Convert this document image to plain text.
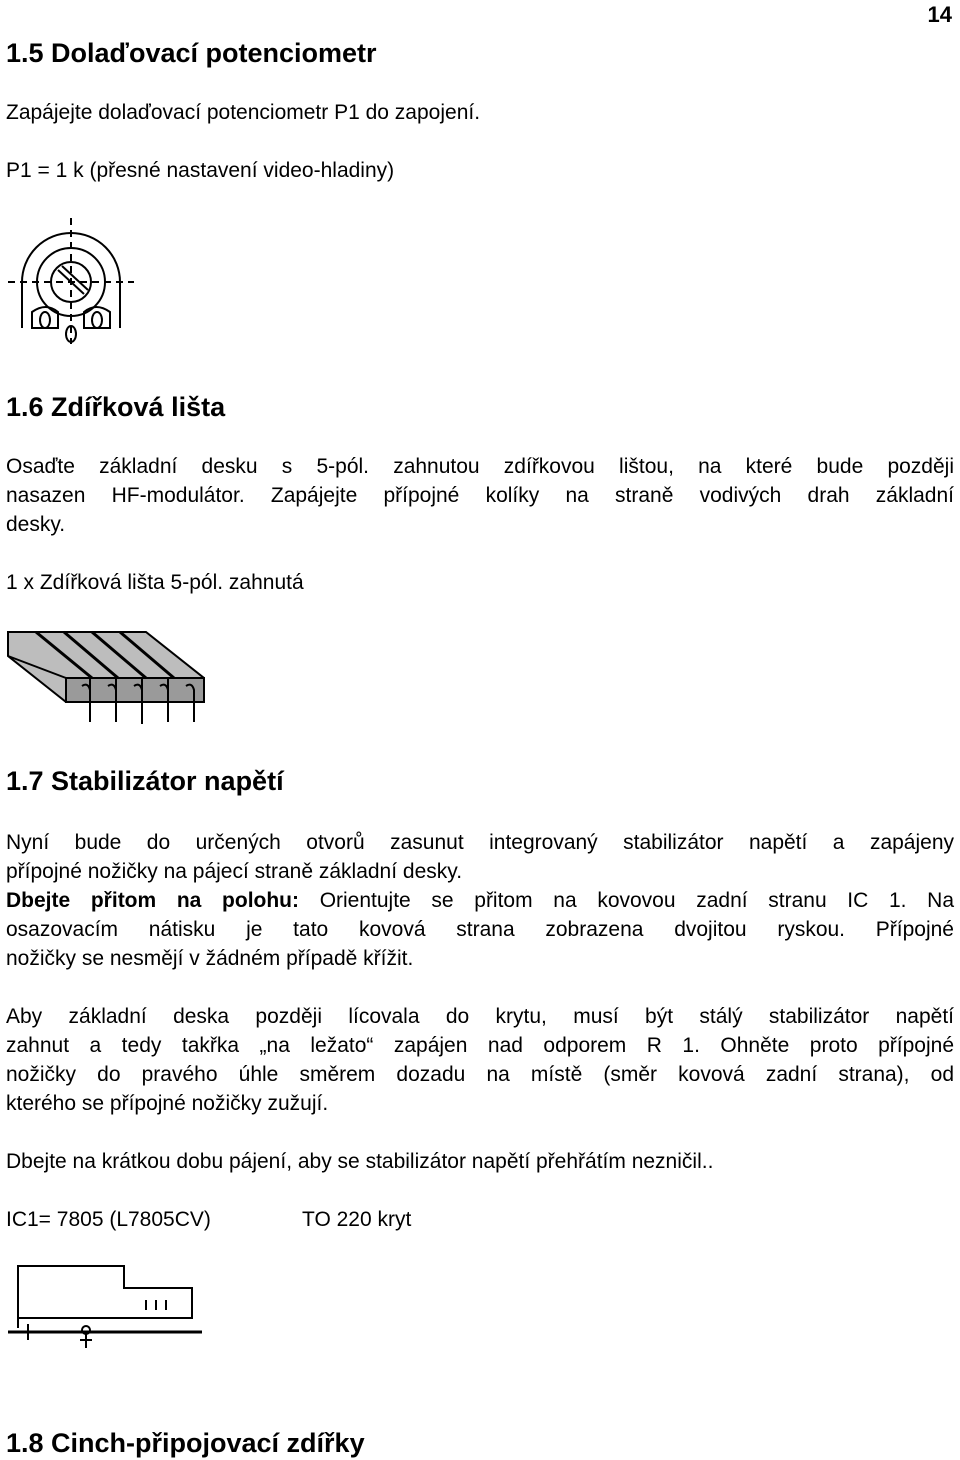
14
1.5 Dolaďovací potenciometr
Zapájejte dolaďovací potenciometr P1 do zapojení.
P1 = 1 k (přesné nastavení video-hladiny)
1.6 Zdířková lišta
Osaďte základní desku s 5-pól. zahnutou zdířkovou lištou, na které bude později
nasazen HF-modulátor. Zapájejte přípojné kolíky na straně vodivých drah základní
desky.
1 x Zdířková lišta 5-pól. zahnutá
1.7 Stabilizátor napětí
Nyní bude do určených otvorů zasunut integrovaný stabilizátor napětí a zapájeny
přípojné nožičky na pájecí straně základní desky.
Dbejte přitom na polohu: Orientujte se přitom na kovovou zadní stranu IC 1. Na
osazovacím nátisku je tato kovová strana zobrazena dvojitou ryskou. Přípojné
nožičky se nesmějí v žádném případě křížit.
Aby základní deska později lícovala do krytu, musí být stálý stabilizátor napětí
zahnut a tedy takřka „na ležato“ zapájen nad odporem R 1. Ohněte proto přípojné
nožičky do pravého úhle směrem dozadu na místě (směr kovová zadní strana), od
kterého se přípojné nožičky zužují.
Dbejte na krátkou dobu pájení, aby se stabilizátor napětí přehřátím nezničil..
IC1= 7805 (L7805CV)	TO 220 kryt
1.8 Cinch-připojovací zdířky
